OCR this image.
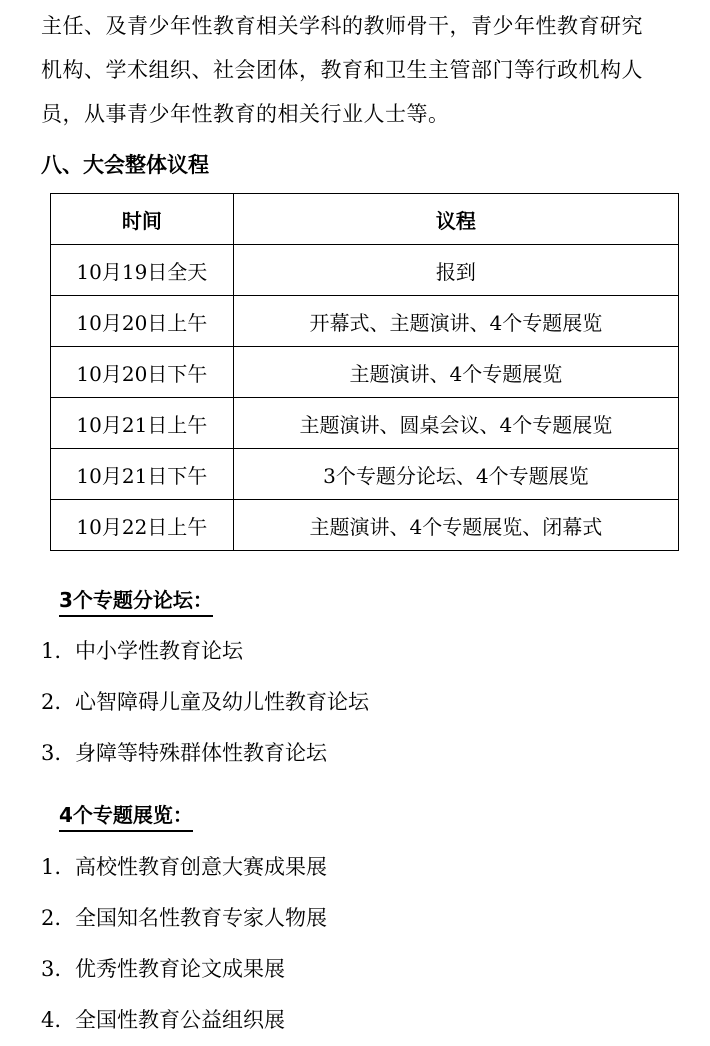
主任、及青少年性教育相关学科的教师骨干，青少年性教育研究
机构、学术组织、社会团体，教育和卫生主管部门等行政机构人
员，从事青少年性教育的相关行业人士等。
八、大会整体议程
时间	议程
10月19日全天	报到
10月20日上午	开幕式、主题演讲、4个专题展览
10月20日下午	主题演讲、4个专题展览
10月21日上午	主题演讲、圆桌会议、4个专题展览
10月21日下午	3个专题分论坛、4个专题展览
10月22日上午	主题演讲、4个专题展览、闭幕式
3个专题分论坛：
1. 中小学性教育论坛
2. 心智障碍儿童及幼儿性教育论坛
3. 身障等特殊群体性教育论坛
4个专题展览：
1. 高校性教育创意大赛成果展
2. 全国知名性教育专家人物展
3. 优秀性教育论文成果展
4. 全国性教育公益组织展
